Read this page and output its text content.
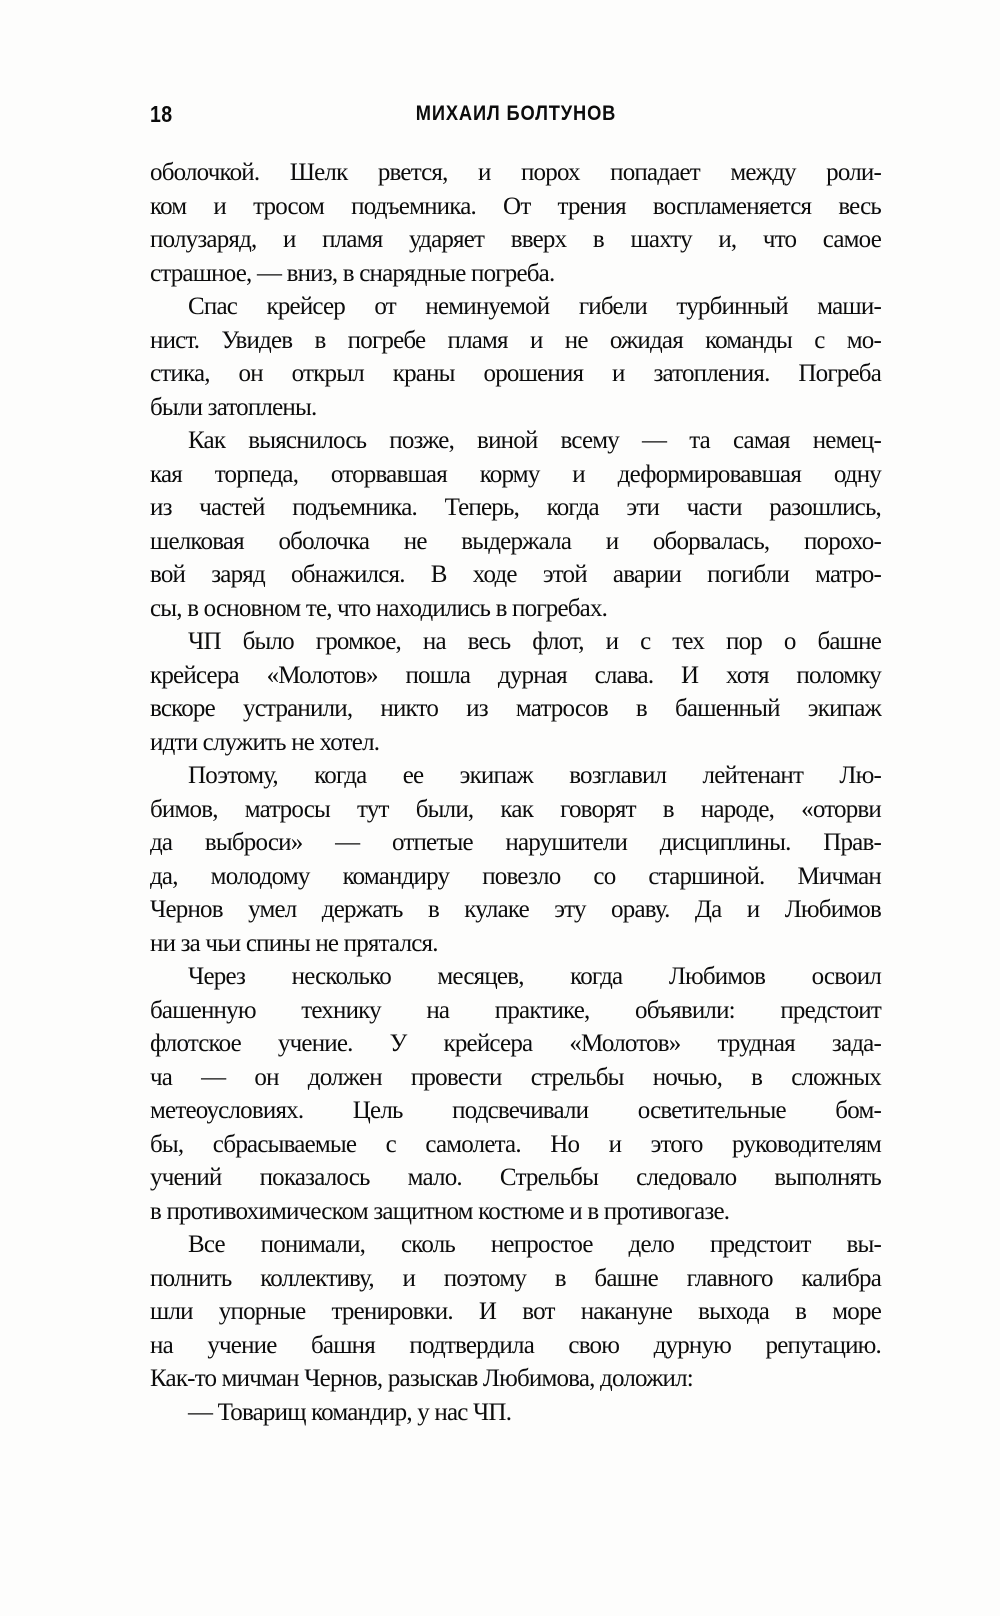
18	МИХАИЛ БОЛТУНОВ
оболочкой. Шелк рвется, и порох попадает между роли-
ком и тросом подъемника. От трения воспламеняется весь
полузаряд, и пламя ударяет вверх в шахту и, что самое
страшное, — вниз, в снарядные погреба.
Спас крейсер от неминуемой гибели турбинный маши-
нист. Увидев в погребе пламя и не ожидая команды с мо-
стика, он открыл краны орошения и затопления. Погреба
были затоплены.
Как выяснилось позже, виной всему — та самая немец-
кая торпеда, оторвавшая корму и деформировавшая одну
из частей подъемника. Теперь, когда эти части разошлись,
шелковая оболочка не выдержала и оборвалась, порохо-
вой заряд обнажился. В ходе этой аварии погибли матро-
сы, в основном те, что находились в погребах.
ЧП было громкое, на весь флот, и с тех пор о башне
крейсера «Молотов» пошла дурная слава. И хотя поломку
вскоре устранили, никто из матросов в башенный экипаж
идти служить не хотел.
Поэтому, когда ее экипаж возглавил лейтенант Лю-
бимов, матросы тут были, как говорят в народе, «оторви
да выброси» — отпетые нарушители дисциплины. Прав-
да, молодому командиру повезло со старшиной. Мичман
Чернов умел держать в кулаке эту ораву. Да и Любимов
ни за чьи спины не прятался.
Через несколько месяцев, когда Любимов освоил
башенную технику на практике, объявили: предстоит
флотское учение. У крейсера «Молотов» трудная зада-
ча — он должен провести стрельбы ночью, в сложных
метеоусловиях. Цель подсвечивали осветительные бом-
бы, сбрасываемые с самолета. Но и этого руководителям
учений показалось мало. Стрельбы следовало выполнять
в противохимическом защитном костюме и в противогазе.
Все понимали, сколь непростое дело предстоит вы-
полнить коллективу, и поэтому в башне главного калибра
шли упорные тренировки. И вот накануне выхода в море
на учение башня подтвердила свою дурную репутацию.
Как-то мичман Чернов, разыскав Любимова, доложил:
— Товарищ командир, у нас ЧП.
